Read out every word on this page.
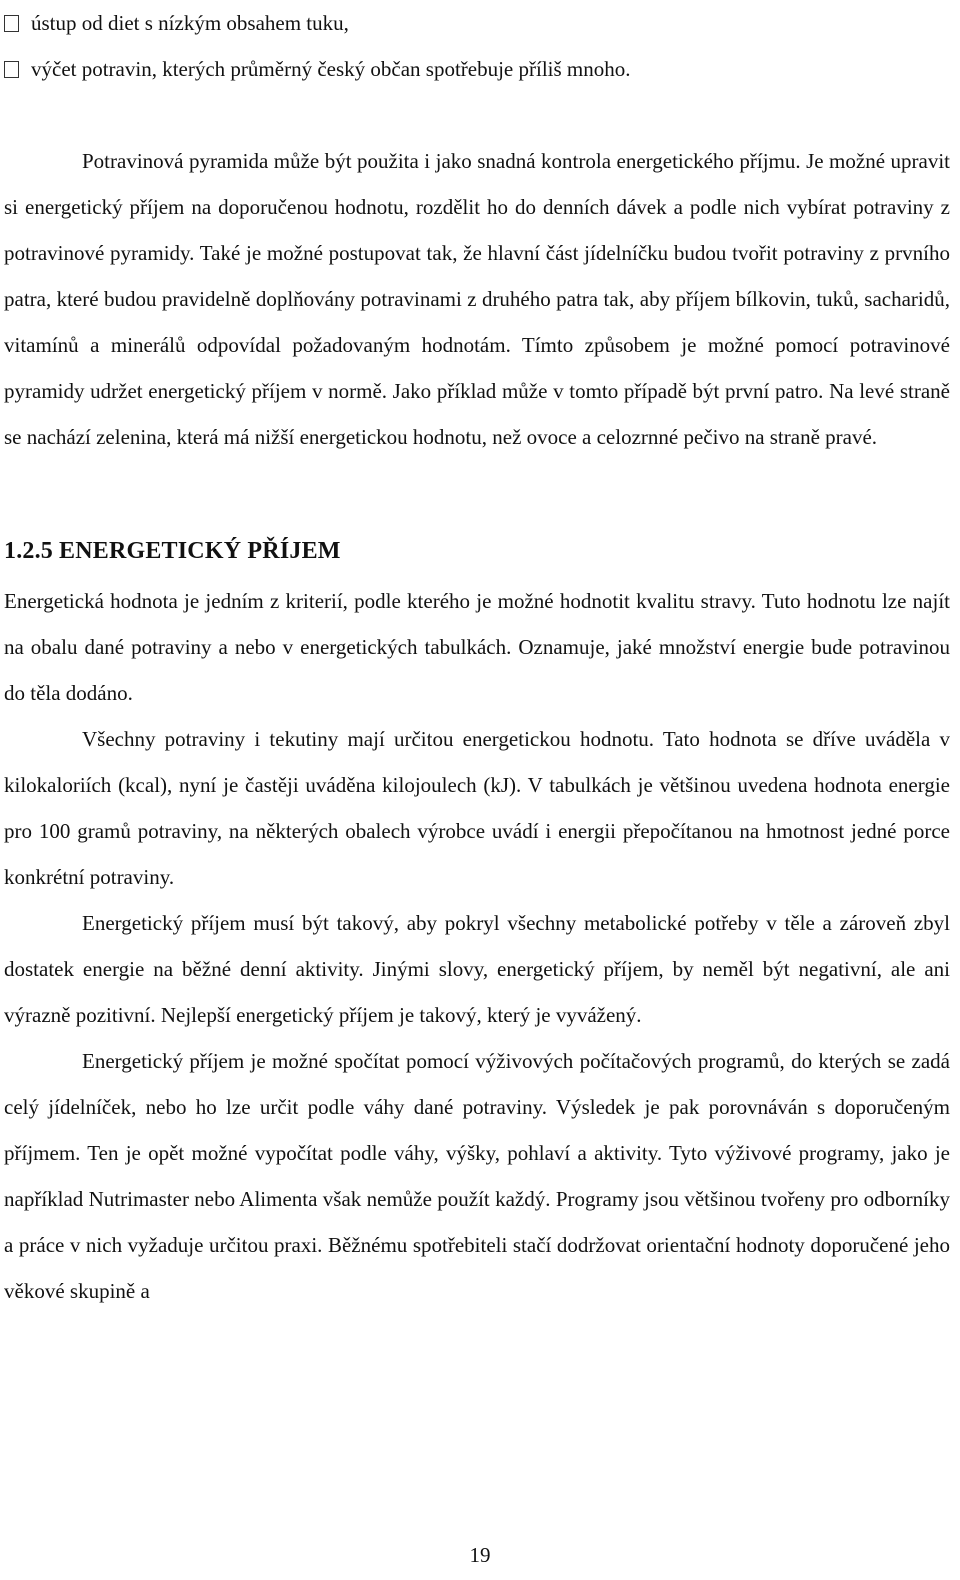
ústup od diet s nízkým obsahem tuku,
výčet potravin, kterých průměrný český občan spotřebuje příliš mnoho.

Potravinová pyramida může být použita i jako snadná kontrola energetického příjmu. Je možné upravit si energetický příjem na doporučenou hodnotu, rozdělit ho do denních dávek a podle nich vybírat potraviny z potravinové pyramidy. Také je možné postupovat tak, že hlavní část jídelníčku budou tvořit potraviny z prvního patra, které budou pravidelně doplňovány potravinami z druhého patra tak, aby příjem bílkovin, tuků, sacharidů, vitamínů a minerálů odpovídal požadovaným hodnotám. Tímto způsobem je možné pomocí potravinové pyramidy udržet energetický příjem v normě. Jako příklad může v tomto případě být první patro. Na levé straně se nachází zelenina, která má nižší energetickou hodnotu, než ovoce a celozrnné pečivo na straně pravé.

1.2.5 ENERGETICKÝ PŘÍJEM

Energetická hodnota je jedním z kriterií, podle kterého je možné hodnotit kvalitu stravy. Tuto hodnotu lze najít na obalu dané potraviny a nebo v energetických tabulkách. Oznamuje, jaké množství energie bude potravinou do těla dodáno.

Všechny potraviny i tekutiny mají určitou energetickou hodnotu. Tato hodnota se dříve uváděla v kilokaloriích (kcal), nyní je častěji uváděna kilojoulech (kJ). V tabulkách je většinou uvedena hodnota energie pro 100 gramů potraviny, na některých obalech výrobce uvádí i energii přepočítanou na hmotnost jedné porce konkrétní potraviny.

Energetický příjem musí být takový, aby pokryl všechny metabolické potřeby v těle a zároveň zbyl dostatek energie na běžné denní aktivity. Jinými slovy, energetický příjem, by neměl být negativní, ale ani výrazně pozitivní. Nejlepší energetický příjem je takový, který je vyvážený.

Energetický příjem je možné spočítat pomocí výživových počítačových programů, do kterých se zadá celý jídelníček, nebo ho lze určit podle váhy dané potraviny. Výsledek je pak porovnáván s doporučeným příjmem. Ten je opět možné vypočítat podle váhy, výšky, pohlaví a aktivity. Tyto výživové programy, jako je například Nutrimaster nebo Alimenta však nemůže použít každý. Programy jsou většinou tvořeny pro odborníky a práce v nich vyžaduje určitou praxi. Běžnému spotřebiteli stačí dodržovat orientační hodnoty doporučené jeho věkové skupině a

19
